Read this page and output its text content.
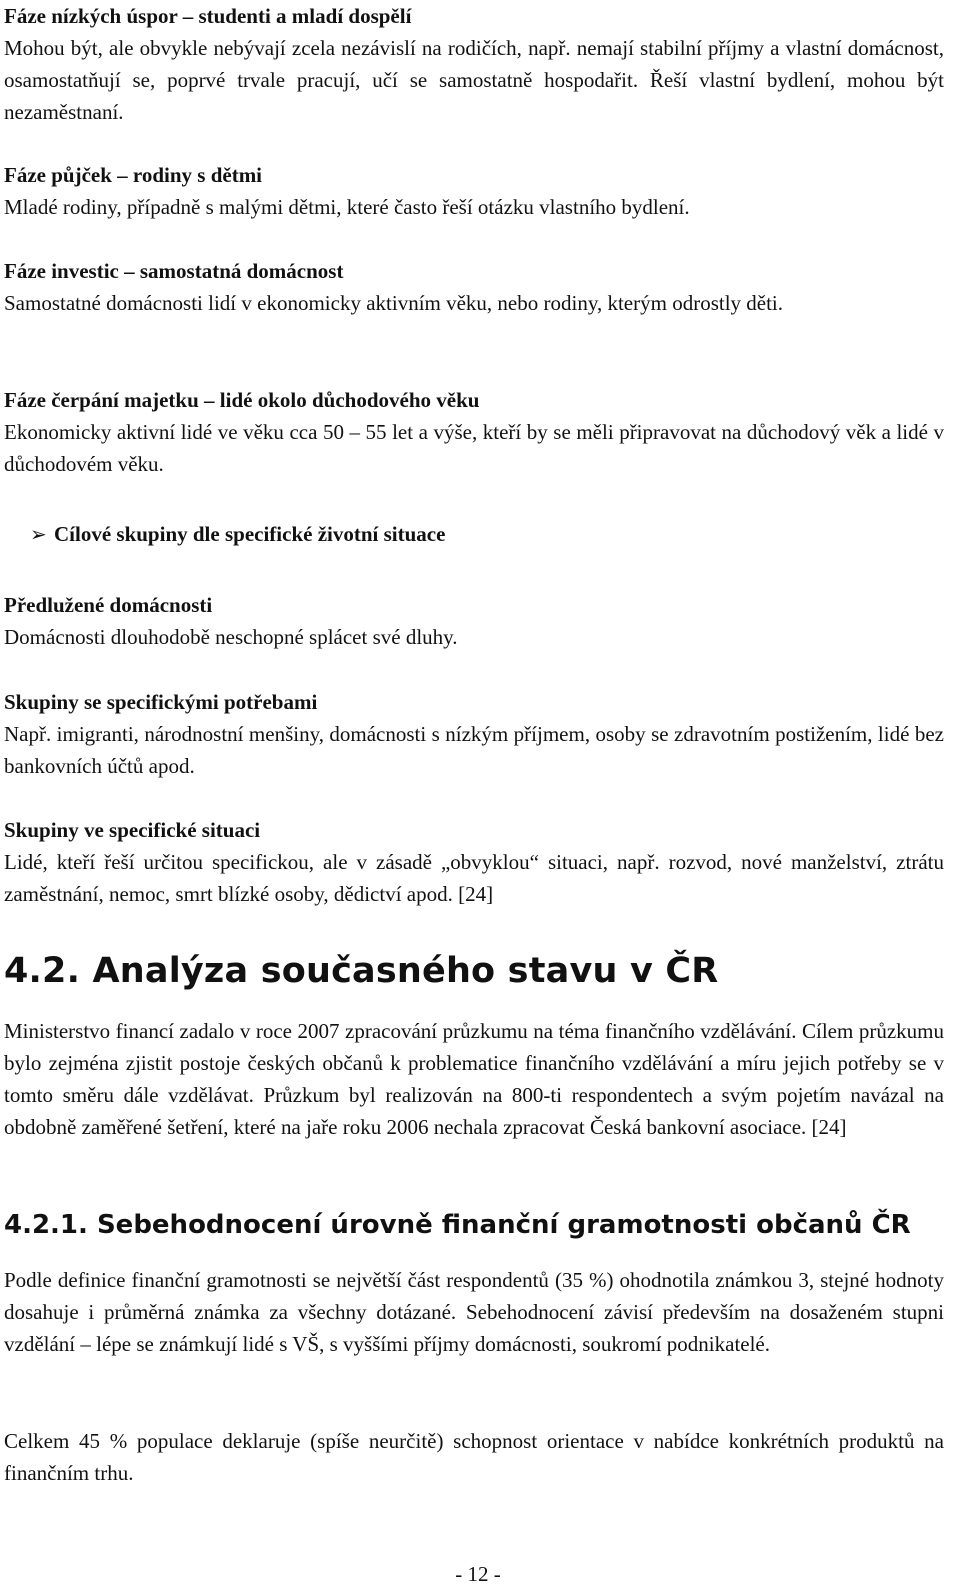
Fáze nízkých úspor – studenti a mladí dospělí

Mohou být, ale obvykle nebývají zcela nezávislí na rodičích, např. nemají stabilní příjmy a vlastní domácnost, osamostatňují se, poprvé trvale pracují, učí se samostatně hospodařit. Řeší vlastní bydlení, mohou být nezaměstnaní.

Fáze půjček – rodiny s dětmi

Mladé rodiny, případně s malými dětmi, které často řeší otázku vlastního bydlení.

Fáze investic – samostatná domácnost

Samostatné domácnosti lidí v ekonomicky aktivním věku, nebo rodiny, kterým odrostly děti.

Fáze čerpání majetku – lidé okolo důchodového věku

Ekonomicky aktivní lidé ve věku cca 50 – 55 let a výše, kteří by se měli připravovat na důchodový věk a lidé v důchodovém věku.

➢ Cílové skupiny dle specifické životní situace

Předlužené domácnosti

Domácnosti dlouhodobě neschopné splácet své dluhy.

Skupiny se specifickými potřebami

Např. imigranti, národnostní menšiny, domácnosti s nízkým příjmem, osoby se zdravotním postižením, lidé bez bankovních účtů apod.

Skupiny ve specifické situaci

Lidé, kteří řeší určitou specifickou, ale v zásadě „obvyklou“ situaci, např. rozvod, nové manželství, ztrátu zaměstnání, nemoc, smrt blízké osoby, dědictví apod. [24]

4.2. Analýza současného stavu v ČR

Ministerstvo financí zadalo v roce 2007 zpracování průzkumu na téma finančního vzdělávání. Cílem průzkumu bylo zejména zjistit postoje českých občanů k problematice finančního vzdělávání a míru jejich potřeby se v tomto směru dále vzdělávat. Průzkum byl realizován na 800-ti respondentech a svým pojetím navázal na obdobně zaměřené šetření, které na jaře roku 2006 nechala zpracovat Česká bankovní asociace. [24]

4.2.1. Sebehodnocení úrovně finanční gramotnosti občanů ČR

Podle definice finanční gramotnosti se největší část respondentů (35 %) ohodnotila známkou 3, stejné hodnoty dosahuje i průměrná známka za všechny dotázané. Sebehodnocení závisí především na dosaženém stupni vzdělání – lépe se známkují lidé s VŠ, s vyššími příjmy domácnosti, soukromí podnikatelé.

Celkem 45 % populace deklaruje (spíše neurčitě) schopnost orientace v nabídce konkrétních produktů na finančním trhu.

- 12 -
